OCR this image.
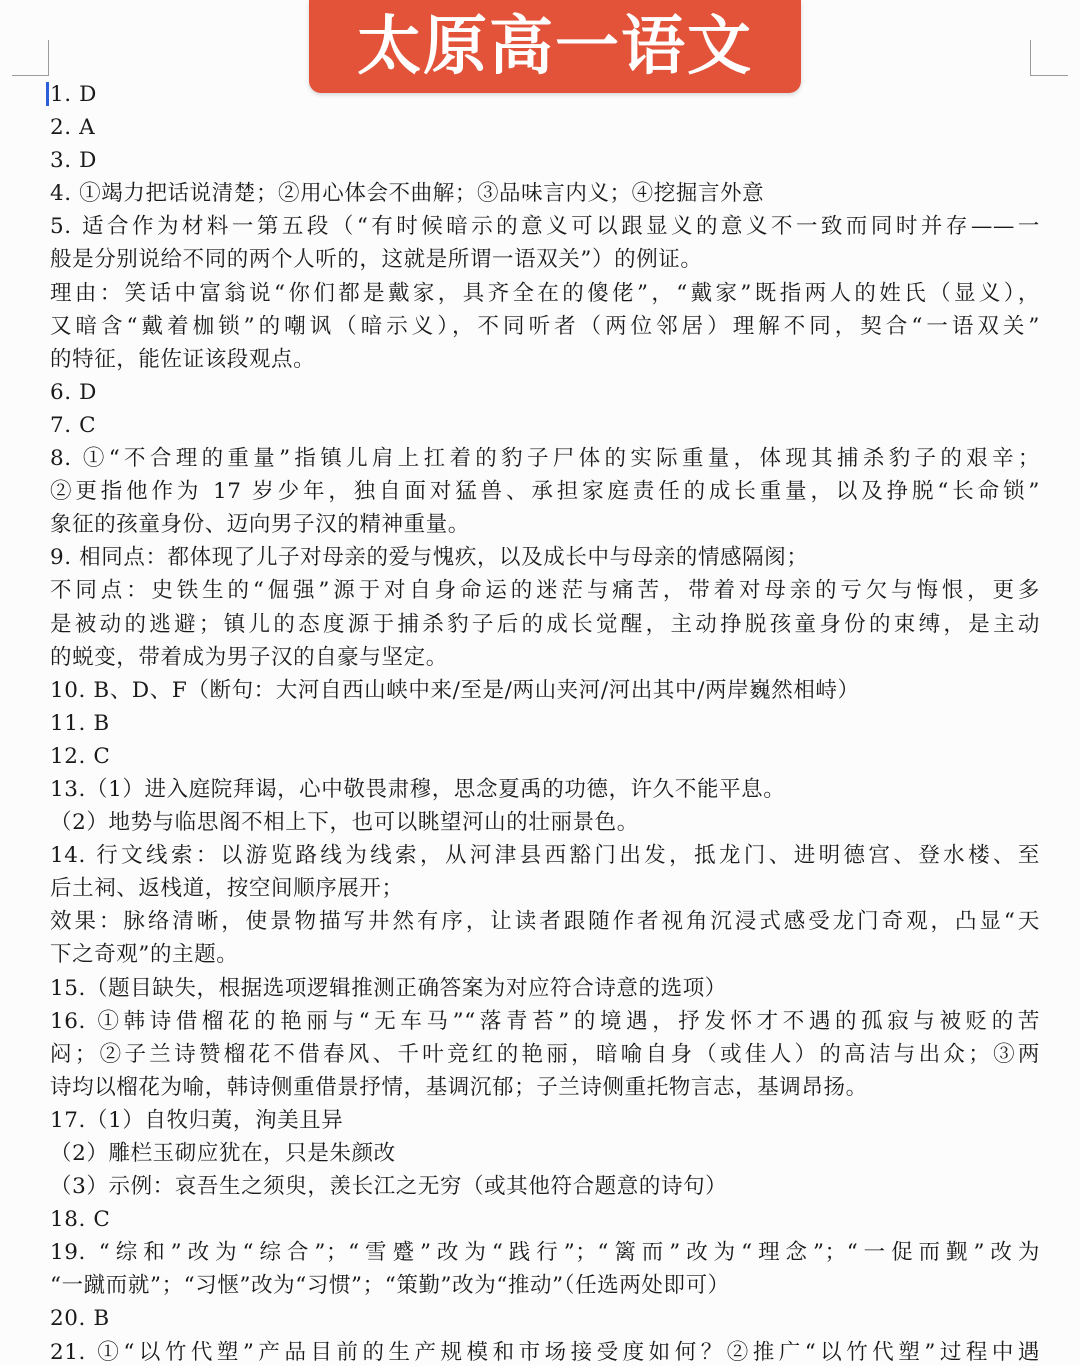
太原高一语文
1. D
2. A
3. D
4. ①竭力把话说清楚；②用心体会不曲解；③品味言内义；④挖掘言外意
5. 适合作为材料一第五段（“有时候暗示的意义可以跟显义的意义不一致而同时并存——一
般是分别说给不同的两个人听的，这就是所谓一语双关”）的例证。
理由：笑话中富翁说“你们都是戴家，具齐全在的傻佬”，“戴家”既指两人的姓氏（显义），
又暗含“戴着枷锁”的嘲讽（暗示义），不同听者（两位邻居）理解不同，契合“一语双关”
的特征，能佐证该段观点。
6. D
7. C
8. ①“不合理的重量”指镇儿肩上扛着的豹子尸体的实际重量，体现其捕杀豹子的艰辛；
②更指他作为 17 岁少年，独自面对猛兽、承担家庭责任的成长重量，以及挣脱“长命锁”
象征的孩童身份、迈向男子汉的精神重量。
9. 相同点：都体现了儿子对母亲的爱与愧疚，以及成长中与母亲的情感隔阂；
不同点：史铁生的“倔强”源于对自身命运的迷茫与痛苦，带着对母亲的亏欠与悔恨，更多
是被动的逃避；镇儿的态度源于捕杀豹子后的成长觉醒，主动挣脱孩童身份的束缚，是主动
的蜕变，带着成为男子汉的自豪与坚定。
10. B、D、F（断句：大河自西山峡中来/至是/两山夹河/河出其中/两岸巍然相峙）
11. B
12. C
13.（1）进入庭院拜谒，心中敬畏肃穆，思念夏禹的功德，许久不能平息。
（2）地势与临思阁不相上下，也可以眺望河山的壮丽景色。
14. 行文线索：以游览路线为线索，从河津县西豁门出发，抵龙门、进明德宫、登水楼、至
后土祠、返栈道，按空间顺序展开；
效果：脉络清晰，使景物描写井然有序，让读者跟随作者视角沉浸式感受龙门奇观，凸显“天
下之奇观”的主题。
15.（题目缺失，根据选项逻辑推测正确答案为对应符合诗意的选项）
16. ①韩诗借榴花的艳丽与“无车马”“落青苔”的境遇，抒发怀才不遇的孤寂与被贬的苦
闷；②子兰诗赞榴花不借春风、千叶竞红的艳丽，暗喻自身（或佳人）的高洁与出众；③两
诗均以榴花为喻，韩诗侧重借景抒情，基调沉郁；子兰诗侧重托物言志，基调昂扬。
17.（1）自牧归荑，洵美且异
（2）雕栏玉砌应犹在，只是朱颜改
（3）示例：哀吾生之须臾，羡长江之无穷（或其他符合题意的诗句）
18. C
19. “综和”改为“综合”；“雪蹙”改为“践行”；“篱而”改为“理念”；“一促而觐”改为
“一蹴而就”；“习惬”改为“习惯”；“策勤”改为“推动”（任选两处即可）
20. B
21. ①“以竹代塑”产品目前的生产规模和市场接受度如何？②推广“以竹代塑”过程中遇
